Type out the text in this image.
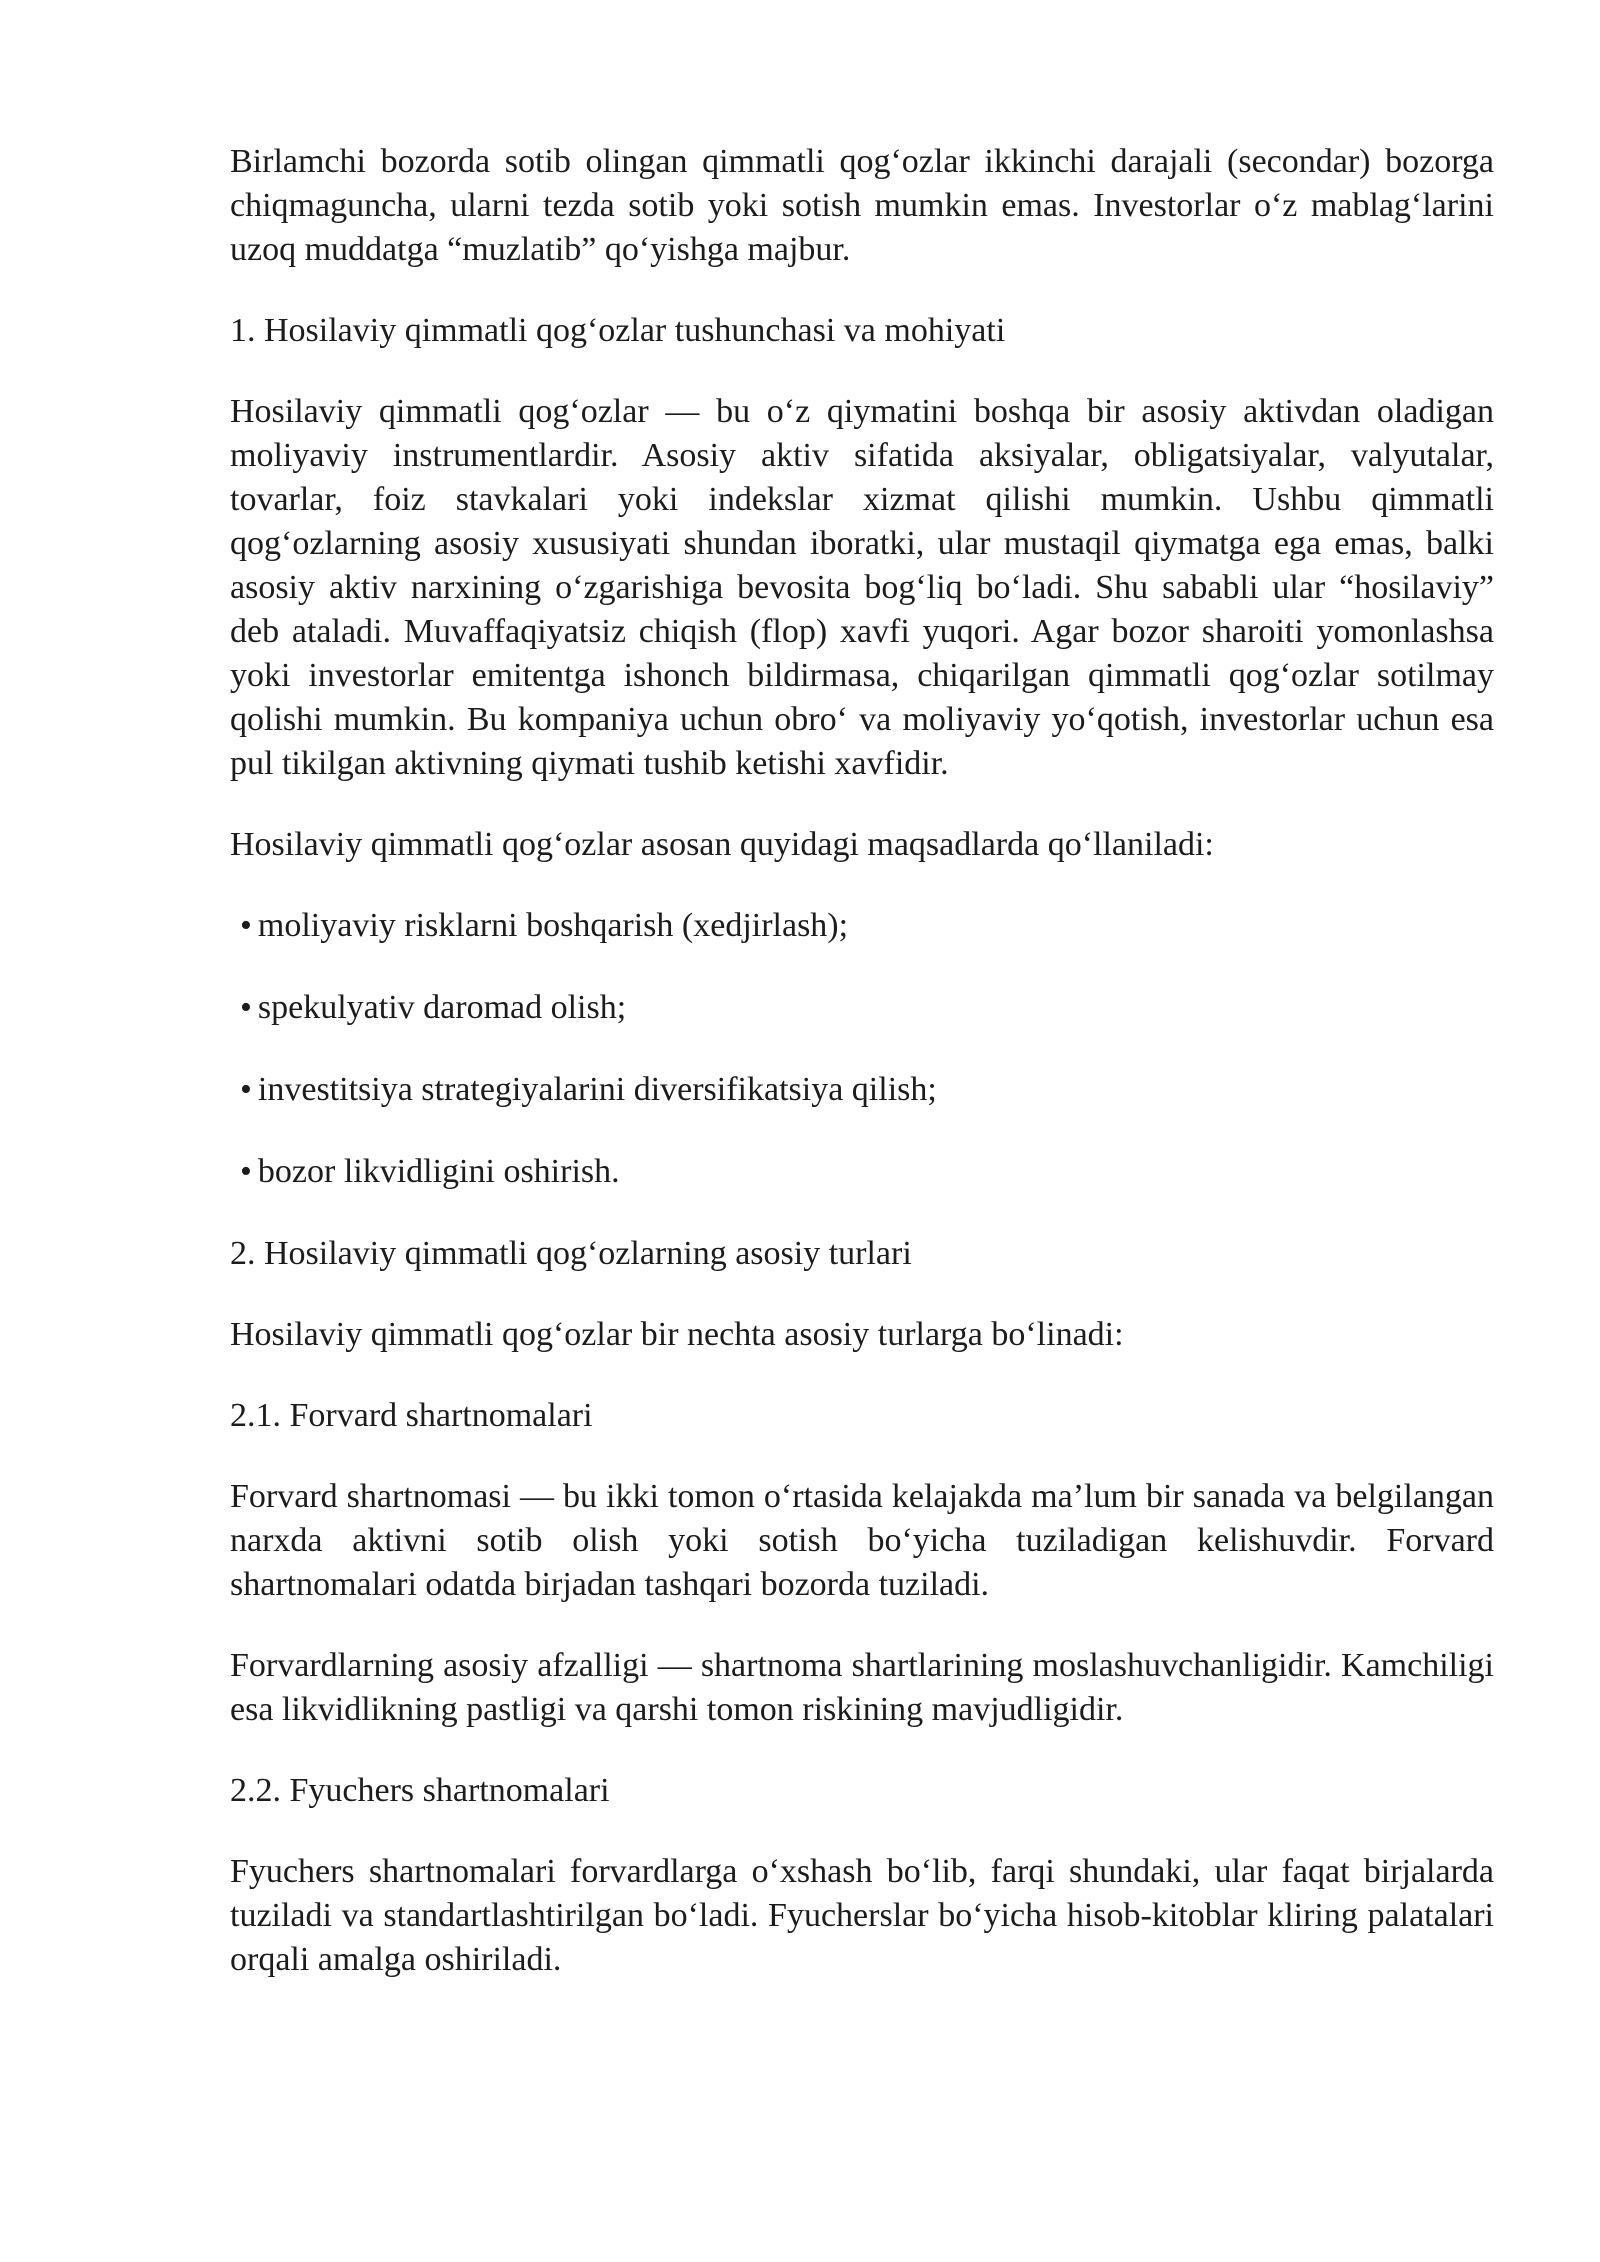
Birlamchi bozorda sotib olingan qimmatli qog‘ozlar ikkinchi darajali (secondar) bozorga chiqmaguncha, ularni tezda sotib yoki sotish mumkin emas. Investorlar o‘z mablag‘larini uzoq muddatga “muzlatib” qo‘yishga majbur.

1. Hosilaviy qimmatli qog‘ozlar tushunchasi va mohiyati

Hosilaviy qimmatli qog‘ozlar — bu o‘z qiymatini boshqa bir asosiy aktivdan oladigan moliyaviy instrumentlardir. Asosiy aktiv sifatida aksiyalar, obligatsiyalar, valyutalar, tovarlar, foiz stavkalari yoki indekslar xizmat qilishi mumkin. Ushbu qimmatli qog‘ozlarning asosiy xususiyati shundan iboratki, ular mustaqil qiymatga ega emas, balki asosiy aktiv narxining o‘zgarishiga bevosita bog‘liq bo‘ladi. Shu sababli ular “hosilaviy” deb ataladi. Muvaffaqiyatsiz chiqish (flop) xavfi yuqori. Agar bozor sharoiti yomonlashsa yoki investorlar emitentga ishonch bildirmasa, chiqarilgan qimmatli qog‘ozlar sotilmay qolishi mumkin. Bu kompaniya uchun obro‘ va moliyaviy yo‘qotish, investorlar uchun esa pul tikilgan aktivning qiymati tushib ketishi xavfidir.

Hosilaviy qimmatli qog‘ozlar asosan quyidagi maqsadlarda qo‘llaniladi:

• moliyaviy risklarni boshqarish (xedjirlash);
• spekulyativ daromad olish;
• investitsiya strategiyalarini diversifikatsiya qilish;
• bozor likvidligini oshirish.

2. Hosilaviy qimmatli qog‘ozlarning asosiy turlari

Hosilaviy qimmatli qog‘ozlar bir nechta asosiy turlarga bo‘linadi:

2.1. Forvard shartnomalari

Forvard shartnomasi — bu ikki tomon o‘rtasida kelajakda ma’lum bir sanada va belgilangan narxda aktivni sotib olish yoki sotish bo‘yicha tuziladigan kelishuvdir. Forvard shartnomalari odatda birjadan tashqari bozorda tuziladi.

Forvardlarning asosiy afzalligi — shartnoma shartlarining moslashuvchanligidir. Kamchiligi esa likvidlikning pastligi va qarshi tomon riskining mavjudligidir.

2.2. Fyuchers shartnomalari

Fyuchers shartnomalari forvardlarga o‘xshash bo‘lib, farqi shundaki, ular faqat birjalarda tuziladi va standartlashtirilgan bo‘ladi. Fyucherslar bo‘yicha hisob-kitoblar kliring palatalari orqali amalga oshiriladi.
